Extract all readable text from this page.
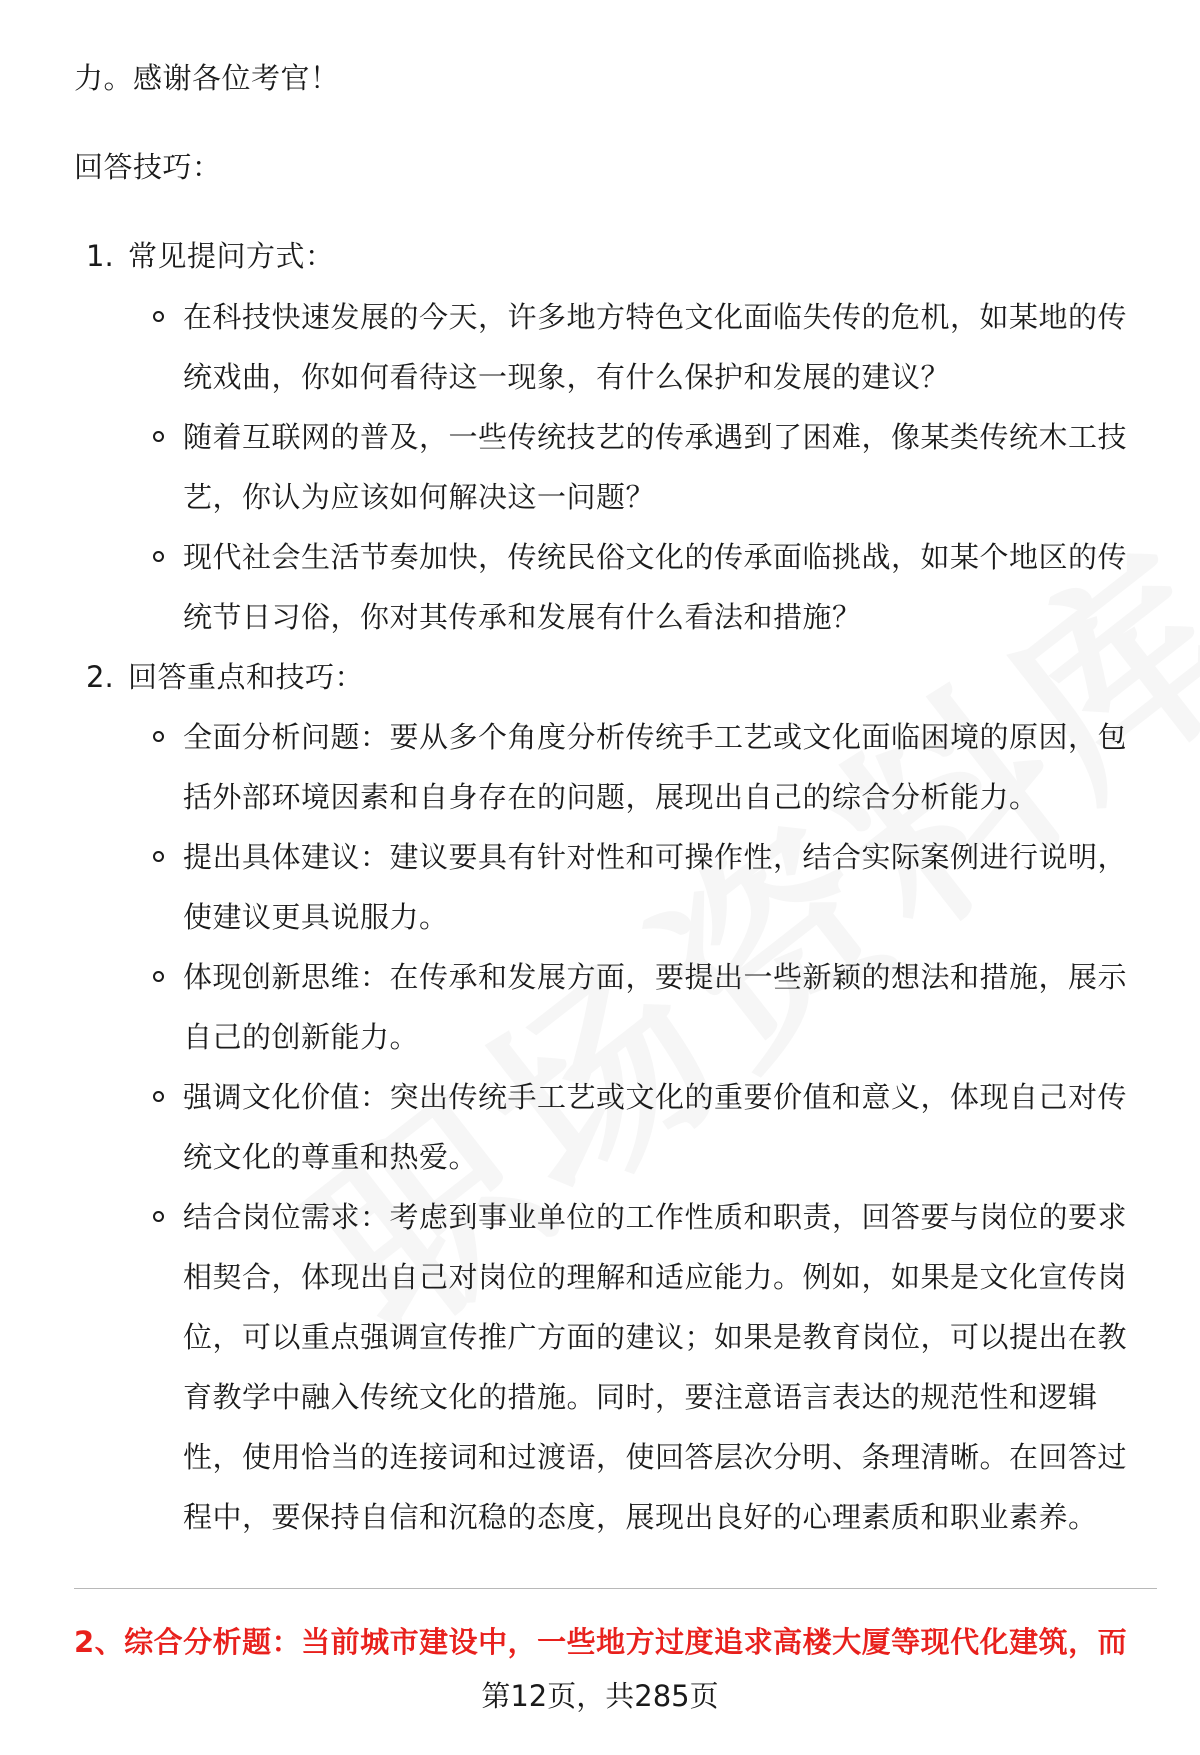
力。感谢各位考官！
回答技巧：
1. 常见提问方式：
在科技快速发展的今天，许多地方特色文化面临失传的危机，如某地的传
统戏曲，你如何看待这一现象，有什么保护和发展的建议？
随着互联网的普及，一些传统技艺的传承遇到了困难，像某类传统木工技
艺，你认为应该如何解决这一问题？
现代社会生活节奏加快，传统民俗文化的传承面临挑战，如某个地区的传
统节日习俗，你对其传承和发展有什么看法和措施？
2. 回答重点和技巧：
全面分析问题：要从多个角度分析传统手工艺或文化面临困境的原因，包
括外部环境因素和自身存在的问题，展现出自己的综合分析能力。
提出具体建议：建议要具有针对性和可操作性，结合实际案例进行说明，
使建议更具说服力。
体现创新思维：在传承和发展方面，要提出一些新颖的想法和措施，展示
自己的创新能力。
强调文化价值：突出传统手工艺或文化的重要价值和意义，体现自己对传
统文化的尊重和热爱。
结合岗位需求：考虑到事业单位的工作性质和职责，回答要与岗位的要求
相契合，体现出自己对岗位的理解和适应能力。例如，如果是文化宣传岗
位，可以重点强调宣传推广方面的建议；如果是教育岗位，可以提出在教
育教学中融入传统文化的措施。同时，要注意语言表达的规范性和逻辑
性，使用恰当的连接词和过渡语，使回答层次分明、条理清晰。在回答过
程中，要保持自信和沉稳的态度，展现出良好的心理素质和职业素养。
2、综合分析题：当前城市建设中，一些地方过度追求高楼大厦等现代化建筑，而
第12页，共285页
